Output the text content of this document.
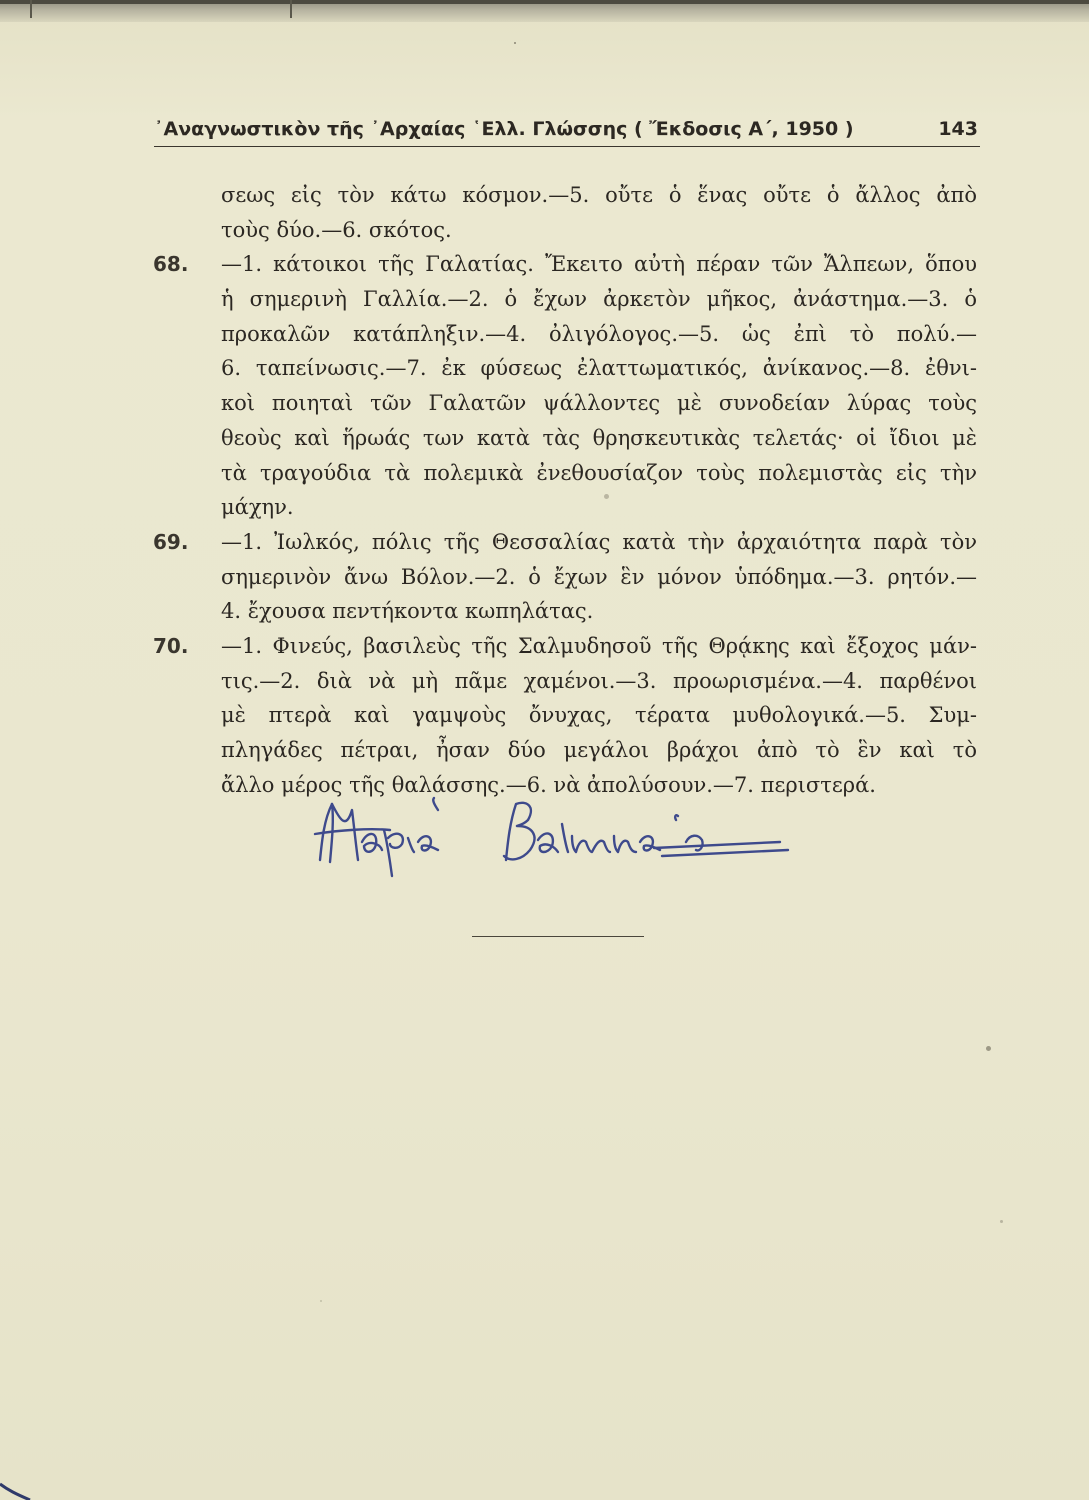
᾿Αναγνωστικὸν τῆς ᾿Αρχαίας ῾Ελλ. Γλώσσης ( Ἔκδοσις Α΄, 1950 )	143
σεως εἰς τὸν κάτω κόσμον.—5. οὔτε ὁ ἕνας οὔτε ὁ ἄλλος ἀπὸ
τοὺς δύο.—6. σκότος.
68. —1. κάτοικοι τῆς Γαλατίας. Ἔκειτο αὐτὴ πέραν τῶν Ἄλπεων, ὅπου
ἡ σημερινὴ Γαλλία.—2. ὁ ἔχων ἀρκετὸν μῆκος, ἀνάστημα.—3. ὁ
προκαλῶν κατάπληξιν.—4. ὀλιγόλογος.—5. ὡς ἐπὶ τὸ πολύ.—
6. ταπείνωσις.—7. ἐκ φύσεως ἐλαττωματικός, ἀνίκανος.—8. ἐθνι-
κοὶ ποιηταὶ τῶν Γαλατῶν ψάλλοντες μὲ συνοδείαν λύρας τοὺς
θεοὺς καὶ ἥρωάς των κατὰ τὰς θρησκευτικὰς τελετάς· οἱ ἴδιοι μὲ
τὰ τραγούδια τὰ πολεμικὰ ἐνεθουσίαζον τοὺς πολεμιστὰς εἰς τὴν
μάχην.
69. —1. Ἰωλκός, πόλις τῆς Θεσσαλίας κατὰ τὴν ἀρχαιότητα παρὰ τὸν
σημερινὸν ἄνω Βόλον.—2. ὁ ἔχων ἓν μόνον ὑπόδημα.—3. ρητόν.—
4. ἔχουσα πεντήκοντα κωπηλάτας.
70. —1. Φινεύς, βασιλεὺς τῆς Σαλμυδησοῦ τῆς Θρᾴκης καὶ ἔξοχος μάν-
τις.—2. διὰ νὰ μὴ πᾶμε χαμένοι.—3. προωρισμένα.—4. παρθένοι
μὲ πτερὰ καὶ γαμψοὺς ὄνυχας, τέρατα μυθολογικά.—5. Συμ-
πληγάδες πέτραι, ἦσαν δύο μεγάλοι βράχοι ἀπὸ τὸ ἓν καὶ τὸ
ἄλλο μέρος τῆς θαλάσσης.—6. νὰ ἀπολύσουν.—7. περιστερά.
